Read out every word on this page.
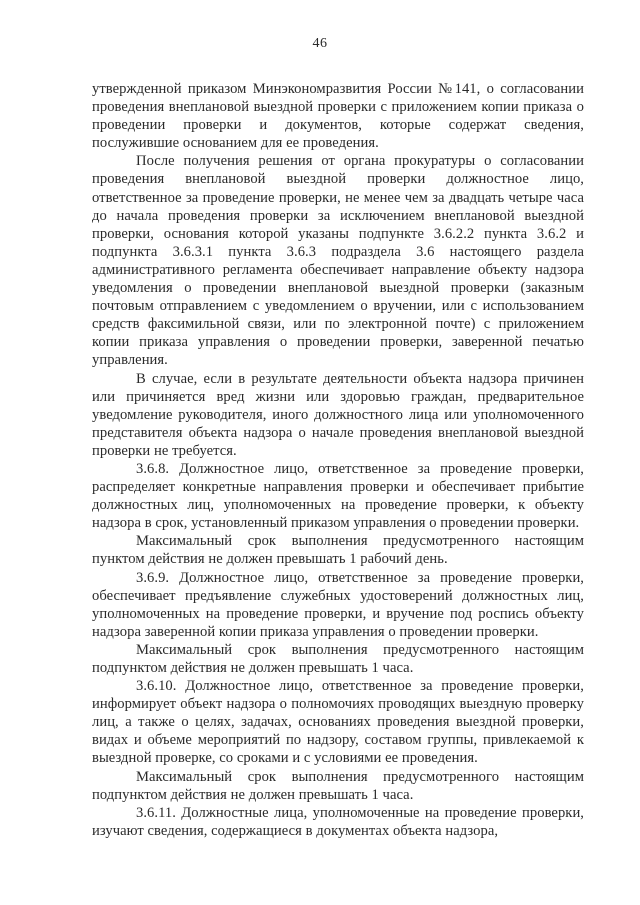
46

утвержденной приказом Минэкономразвития России №141, о согласовании проведения внеплановой выездной проверки с приложением копии приказа о проведении проверки и документов, которые содержат сведения, послужившие основанием для ее проведения.

После получения решения от органа прокуратуры о согласовании проведения внеплановой выездной проверки должностное лицо, ответственное за проведение проверки, не менее чем за двадцать четыре часа до начала проведения проверки за исключением внеплановой выездной проверки, основания которой указаны подпункте 3.6.2.2 пункта 3.6.2 и подпункта 3.6.3.1 пункта 3.6.3 подраздела 3.6 настоящего раздела административного регламента обеспечивает направление объекту надзора уведомления о проведении внеплановой выездной проверки (заказным почтовым отправлением с уведомлением о вручении, или с использованием средств факсимильной связи, или по электронной почте) с приложением копии приказа управления о проведении проверки, заверенной печатью управления.

В случае, если в результате деятельности объекта надзора причинен или причиняется вред жизни или здоровью граждан, предварительное уведомление руководителя, иного должностного лица или уполномоченного представителя объекта надзора о начале проведения внеплановой выездной проверки не требуется.

3.6.8. Должностное лицо, ответственное за проведение проверки, распределяет конкретные направления проверки и обеспечивает прибытие должностных лиц, уполномоченных на проведение проверки, к объекту надзора в срок, установленный приказом управления о проведении проверки.

Максимальный срок выполнения предусмотренного настоящим пунктом действия не должен превышать 1 рабочий день.

3.6.9. Должностное лицо, ответственное за проведение проверки, обеспечивает предъявление служебных удостоверений должностных лиц, уполномоченных на проведение проверки, и вручение под роспись объекту надзора заверенной копии приказа управления о проведении проверки.

Максимальный срок выполнения предусмотренного настоящим подпунктом действия не должен превышать 1 часа.

3.6.10. Должностное лицо, ответственное за проведение проверки, информирует объект надзора о полномочиях проводящих выездную проверку лиц, а также о целях, задачах, основаниях проведения выездной проверки, видах и объеме мероприятий по надзору, составом группы, привлекаемой к выездной проверке, со сроками и с условиями ее проведения.

Максимальный срок выполнения предусмотренного настоящим подпунктом действия не должен превышать 1 часа.

3.6.11. Должностные лица, уполномоченные на проведение проверки, изучают сведения, содержащиеся в документах объекта надзора,
